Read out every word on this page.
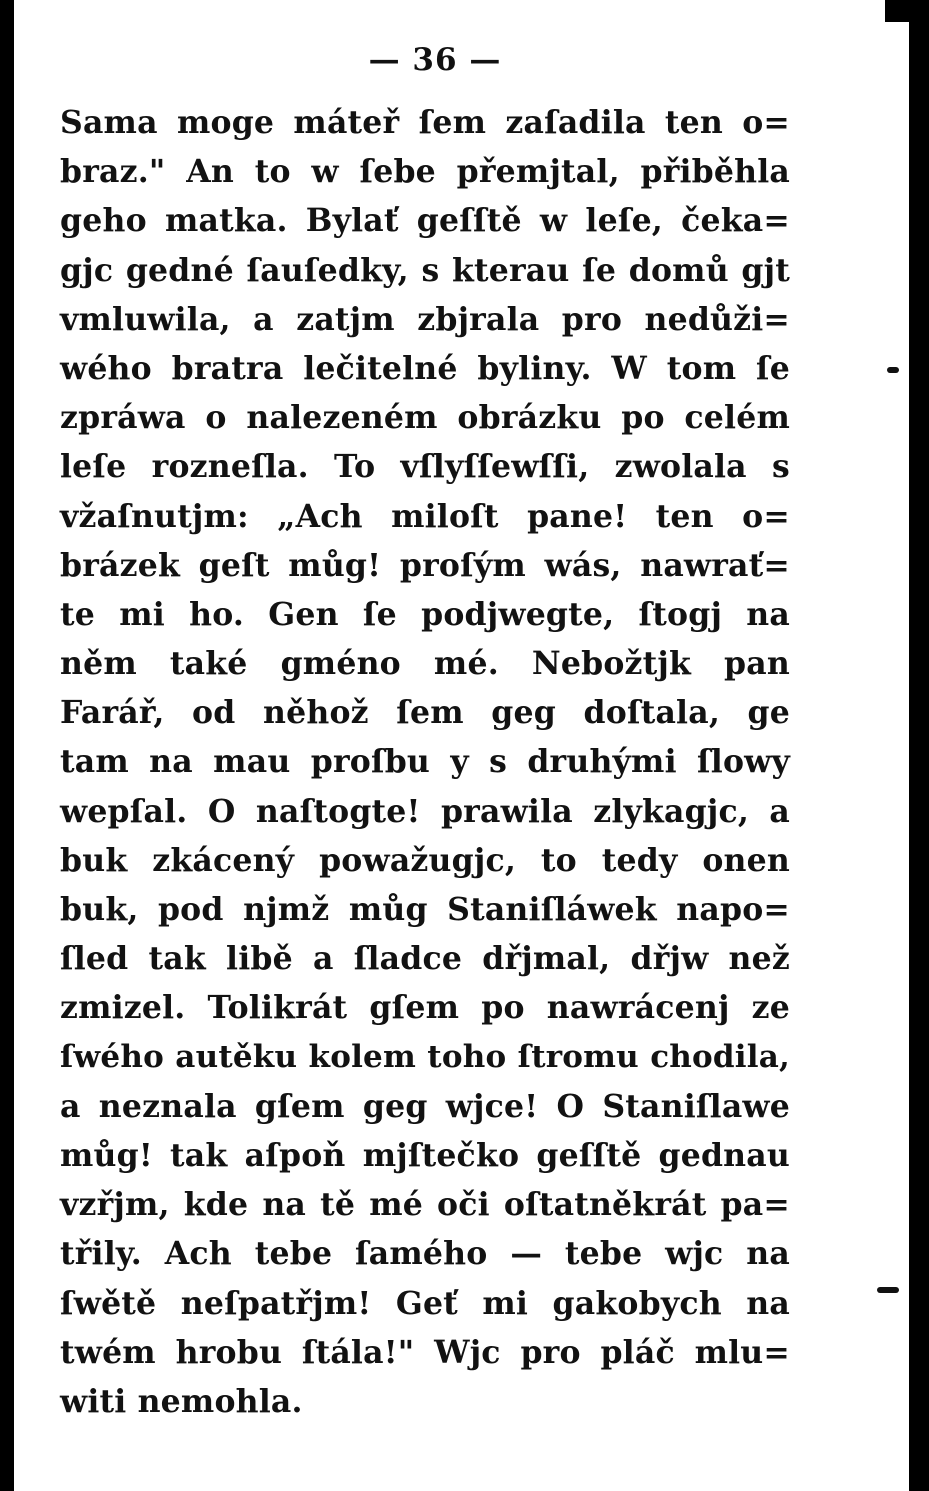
— 36 —
Sama moge máteř ſem zaſadila ten o=
braz." An to w ſebe přemjtal, přiběhla
geho matka. Bylať geſſtě w leſe, čeka=
gjc gedné ſauſedky, s kterau ſe domů gjt
vmluwila, a zatjm zbjrala pro nedůži=
wého bratra lečitelné byliny. W tom ſe
zpráwa o nalezeném obrázku po celém
leſe rozneſla. To vſlyſſewſſi, zwolala s
vžaſnutjm: „Ach miloſt pane! ten o=
brázek geſt můg! proſým wás, nawrať=
te mi ho. Gen ſe podjwegte, ſtogj na
něm také gméno mé. Nebožtjk pan
Farář, od něhož ſem geg doſtala, ge
tam na mau proſbu y s druhými ſlowy
wepſal. O naſtogte! prawila zlykagjc, a
buk zkácený powažugjc, to tedy onen
buk, pod njmž můg Staniſláwek napo=
ſled tak libě a ſladce dřjmal, dřjw než
zmizel. Tolikrát gſem po nawrácenj ze
ſwého autěku kolem toho ſtromu chodila,
a neznala gſem geg wjce! O Staniſlawe
můg! tak aſpoň mjſtečko geſſtě gednau
vzřjm, kde na tě mé oči oſtatněkrát pa=
třily. Ach tebe ſamého — tebe wjc na
ſwětě neſpatřjm! Geť mi gakobych na
twém hrobu ſtála!" Wjc pro pláč mlu=
witi nemohla.
